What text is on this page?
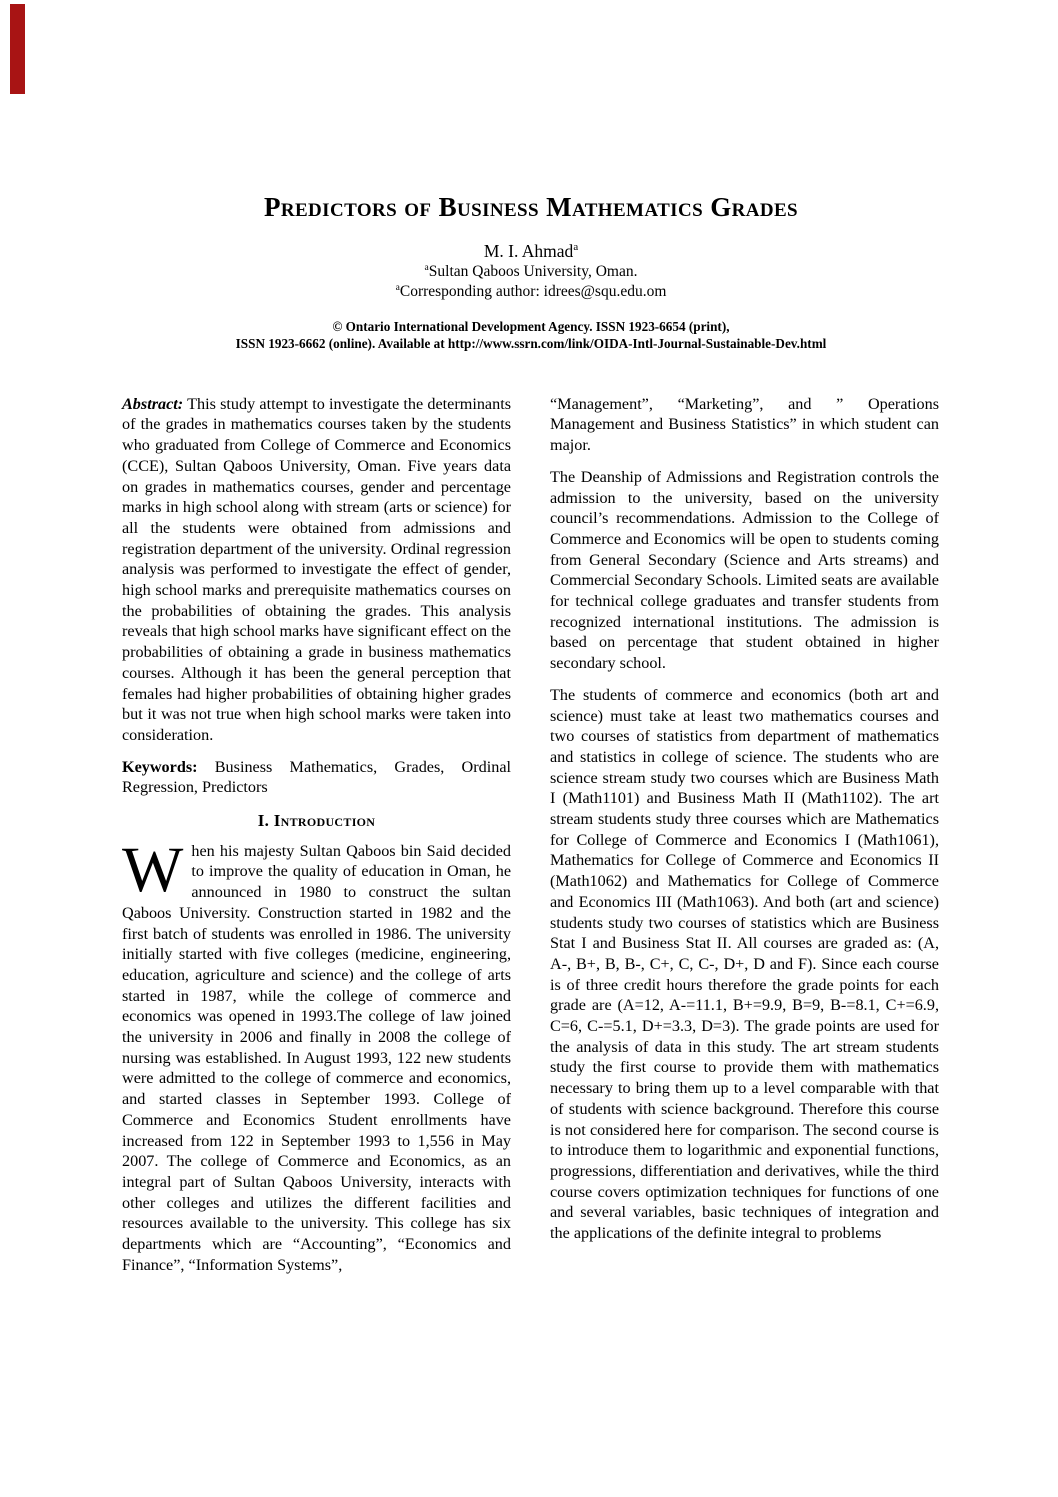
Predictors of Business Mathematics Grades
M. I. Ahmad$^a$
$^a$Sultan Qaboos University, Oman.
$^a$Corresponding author: idrees@squ.edu.om
© Ontario International Development Agency. ISSN 1923-6654 (print),
ISSN 1923-6662 (online). Available at http://www.ssrn.com/link/OIDA-Intl-Journal-Sustainable-Dev.html

Abstract: This study attempt to investigate the determinants of the grades in mathematics courses taken by the students who graduated from College of Commerce and Economics (CCE), Sultan Qaboos University, Oman. Five years data on grades in mathematics courses, gender and percentage marks in high school along with stream (arts or science) for all the students were obtained from admissions and registration department of the university. Ordinal regression analysis was performed to investigate the effect of gender, high school marks and prerequisite mathematics courses on the probabilities of obtaining the grades. This analysis reveals that high school marks have significant effect on the probabilities of obtaining a grade in business mathematics courses. Although it has been the general perception that females had higher probabilities of obtaining higher grades but it was not true when high school marks were taken into consideration.

Keywords: Business Mathematics, Grades, Ordinal Regression, Predictors

I. Introduction

When his majesty Sultan Qaboos bin Said decided to improve the quality of education in Oman, he announced in 1980 to construct the sultan Qaboos University. Construction started in 1982 and the first batch of students was enrolled in 1986. The university initially started with five colleges (medicine, engineering, education, agriculture and science) and the college of arts started in 1987, while the college of commerce and economics was opened in 1993.The college of law joined the university in 2006 and finally in 2008 the college of nursing was established. In August 1993, 122 new students were admitted to the college of commerce and economics, and started classes in September 1993. College of Commerce and Economics Student enrollments have increased from 122 in September 1993 to 1,556 in May 2007. The college of Commerce and Economics, as an integral part of Sultan Qaboos University, interacts with other colleges and utilizes the different facilities and resources available to the university. This college has six departments which are “Accounting”, “Economics and Finance”, “Information Systems”,

“Management”, “Marketing”, and ” Operations Management and Business Statistics” in which student can major.

The Deanship of Admissions and Registration controls the admission to the university, based on the university council’s recommendations. Admission to the College of Commerce and Economics will be open to students coming from General Secondary (Science and Arts streams) and Commercial Secondary Schools. Limited seats are available for technical college graduates and transfer students from recognized international institutions. The admission is based on percentage that student obtained in higher secondary school.

The students of commerce and economics (both art and science) must take at least two mathematics courses and two courses of statistics from department of mathematics and statistics in college of science. The students who are science stream study two courses which are Business Math I (Math1101) and Business Math II (Math1102). The art stream students study three courses which are Mathematics for College of Commerce and Economics I (Math1061), Mathematics for College of Commerce and Economics II (Math1062) and Mathematics for College of Commerce and Economics III (Math1063). And both (art and science) students study two courses of statistics which are Business Stat I and Business Stat II. All courses are graded as: (A, A-, B+, B, B-, C+, C, C-, D+, D and F). Since each course is of three credit hours therefore the grade points for each grade are (A=12, A-=11.1, B+=9.9, B=9, B-=8.1, C+=6.9, C=6, C-=5.1, D+=3.3, D=3). The grade points are used for the analysis of data in this study. The art stream students study the first course to provide them with mathematics necessary to bring them up to a level comparable with that of students with science background. Therefore this course is not considered here for comparison. The second course is to introduce them to logarithmic and exponential functions, progressions, differentiation and derivatives, while the third course covers optimization techniques for functions of one and several variables, basic techniques of integration and the applications of the definite integral to problems
